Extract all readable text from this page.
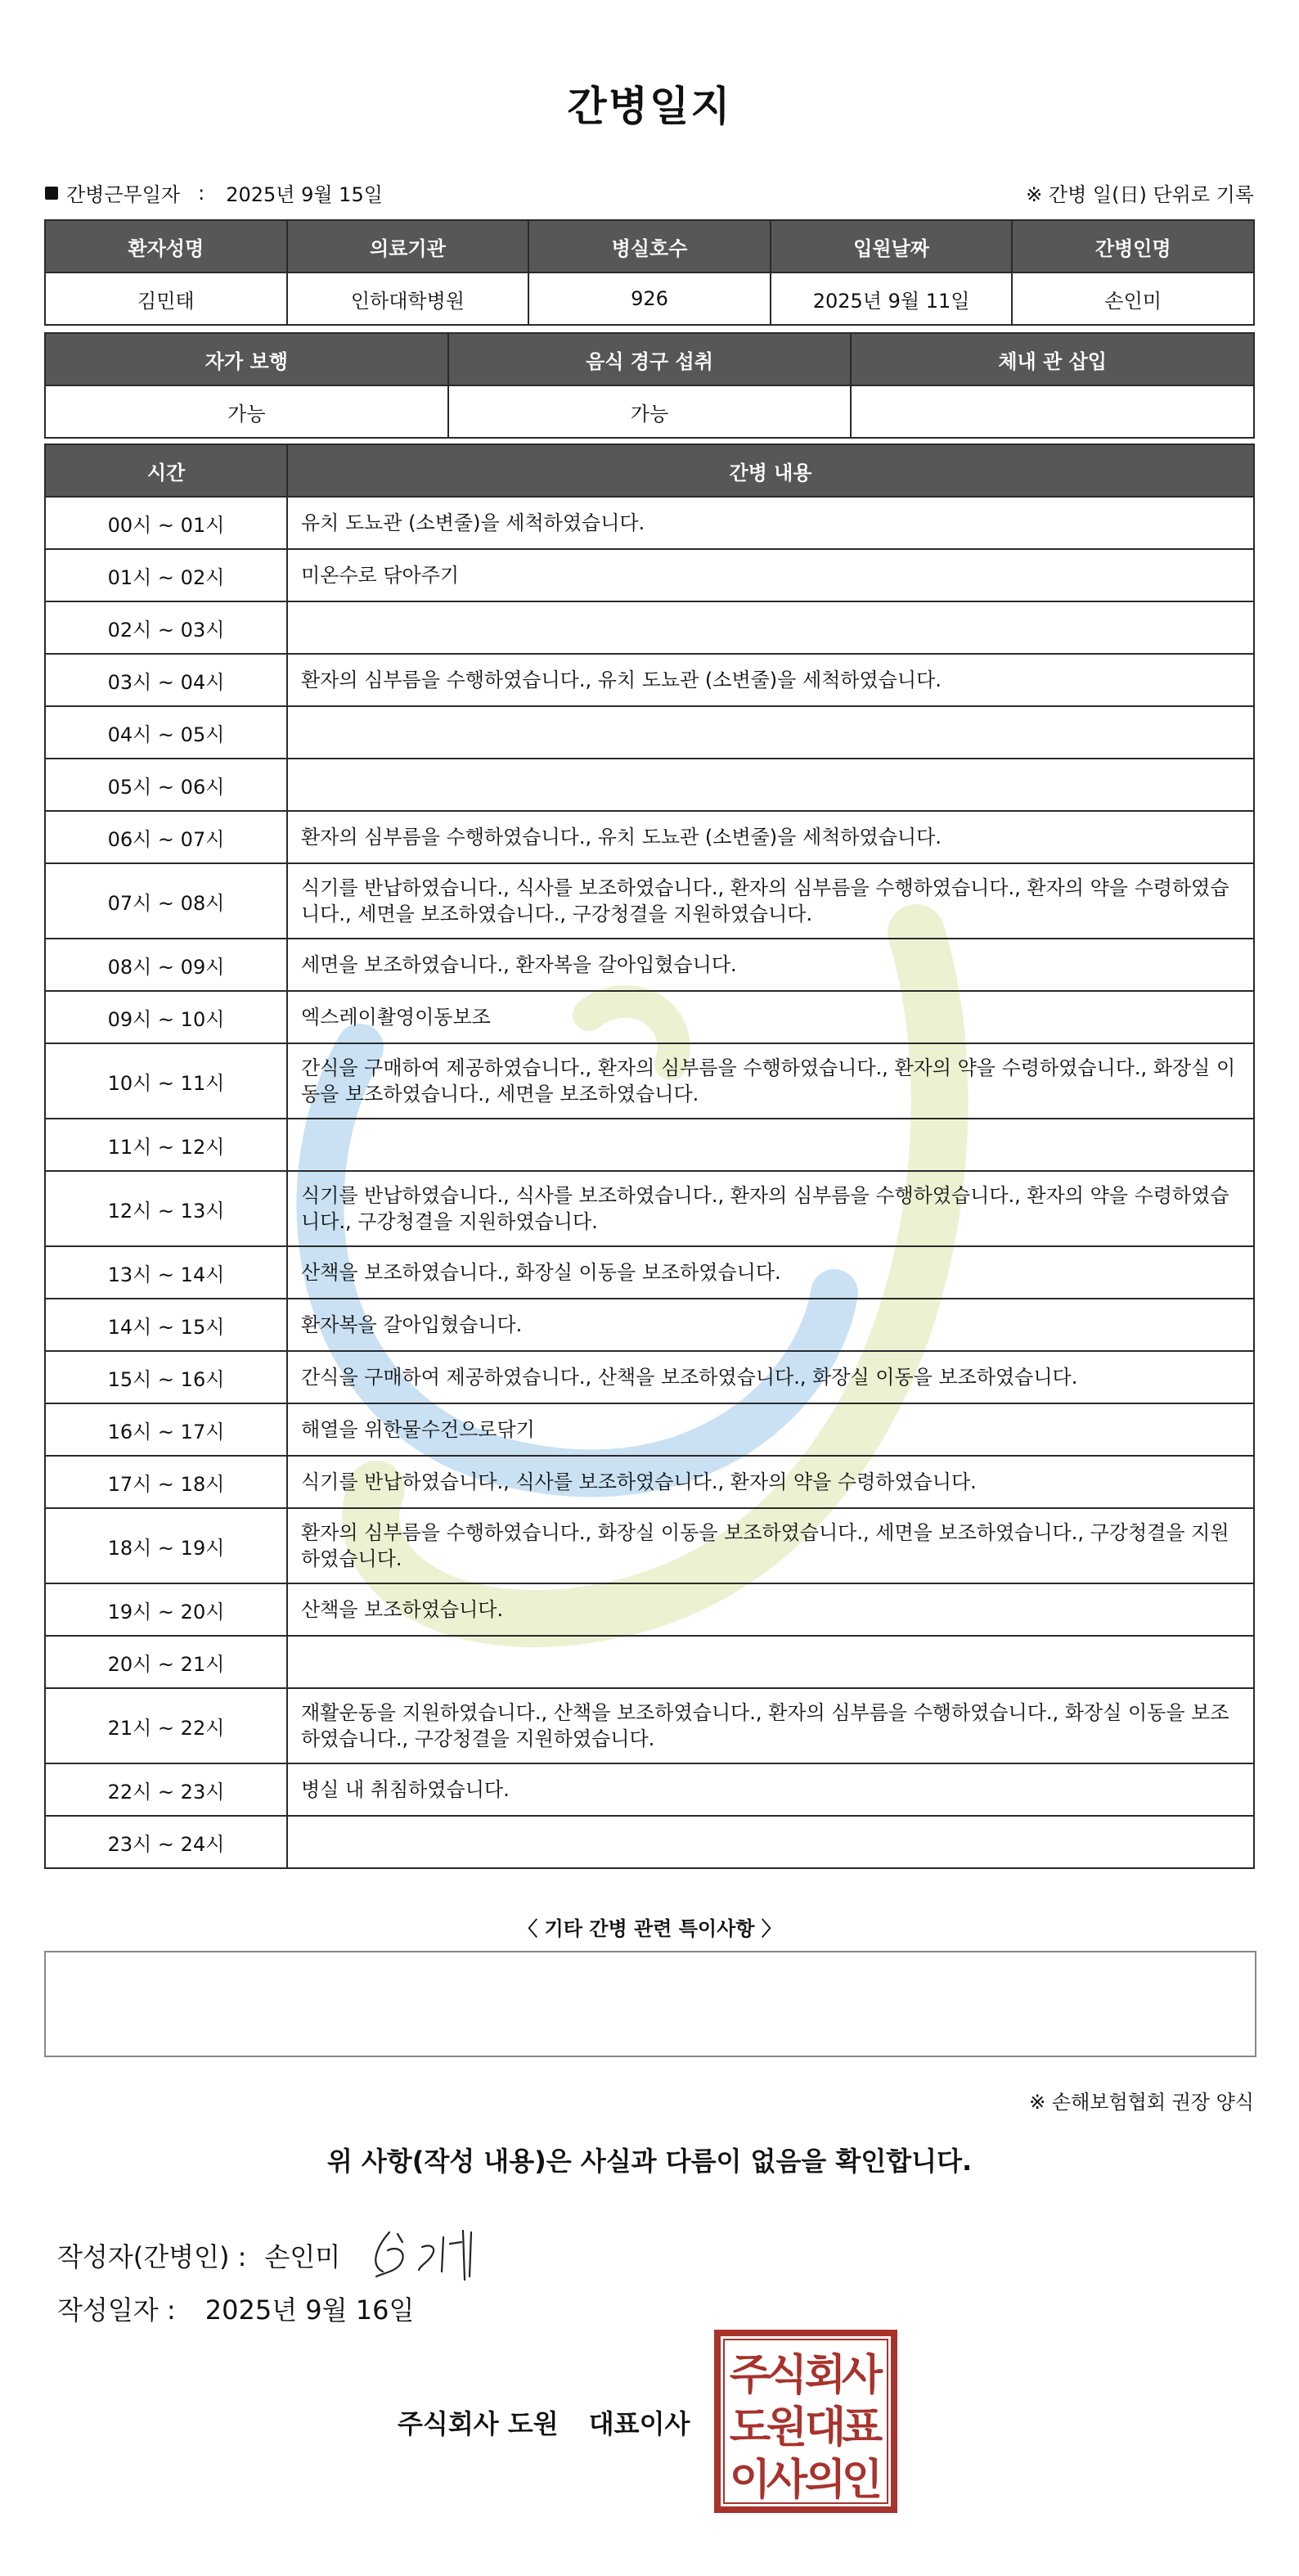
간병일지
간병근무일자 : 2025년 9월 15일	※ 간병 일(日) 단위로 기록
환자성명	의료기관	병실호수	입원날짜	간병인명
김민태	인하대학병원	926	2025년 9월 11일	손인미
자가 보행	음식 경구 섭취	체내 관 삽입
가능	가능	
시간	간병 내용
00시 ~ 01시	유치 도뇨관 (소변줄)을 세척하였습니다.
01시 ~ 02시	미온수로 닦아주기
02시 ~ 03시	
03시 ~ 04시	환자의 심부름을 수행하였습니다., 유치 도뇨관 (소변줄)을 세척하였습니다.
04시 ~ 05시	
05시 ~ 06시	
06시 ~ 07시	환자의 심부름을 수행하였습니다., 유치 도뇨관 (소변줄)을 세척하였습니다.
07시 ~ 08시	식기를 반납하였습니다., 식사를 보조하였습니다., 환자의 심부름을 수행하였습니다., 환자의 약을 수령하였습니다., 세면을 보조하였습니다., 구강청결을 지원하였습니다.
08시 ~ 09시	세면을 보조하였습니다., 환자복을 갈아입혔습니다.
09시 ~ 10시	엑스레이촬영이동보조
10시 ~ 11시	간식을 구매하여 제공하였습니다., 환자의 심부름을 수행하였습니다., 환자의 약을 수령하였습니다., 화장실 이동을 보조하였습니다., 세면을 보조하였습니다.
11시 ~ 12시	
12시 ~ 13시	식기를 반납하였습니다., 식사를 보조하였습니다., 환자의 심부름을 수행하였습니다., 환자의 약을 수령하였습니다., 구강청결을 지원하였습니다.
13시 ~ 14시	산책을 보조하였습니다., 화장실 이동을 보조하였습니다.
14시 ~ 15시	환자복을 갈아입혔습니다.
15시 ~ 16시	간식을 구매하여 제공하였습니다., 산책을 보조하였습니다., 화장실 이동을 보조하였습니다.
16시 ~ 17시	해열을 위한물수건으로닦기
17시 ~ 18시	식기를 반납하였습니다., 식사를 보조하였습니다., 환자의 약을 수령하였습니다.
18시 ~ 19시	환자의 심부름을 수행하였습니다., 화장실 이동을 보조하였습니다., 세면을 보조하였습니다., 구강청결을 지원하였습니다.
19시 ~ 20시	산책을 보조하였습니다.
20시 ~ 21시	
21시 ~ 22시	재활운동을 지원하였습니다., 산책을 보조하였습니다., 환자의 심부름을 수행하였습니다., 화장실 이동을 보조하였습니다., 구강청결을 지원하였습니다.
22시 ~ 23시	병실 내 취침하였습니다.
23시 ~ 24시	
〈 기타 간병 관련 특이사항 〉
※ 손해보험협회 권장 양식
위 사항(작성 내용)은 사실과 다름이 없음을 확인합니다.
작성자(간병인) : 손인미
작성일자 : 2025년 9월 16일
주식회사 도원 대표이사
주
식
회
사
도
원
대
표
이
사
의
인
